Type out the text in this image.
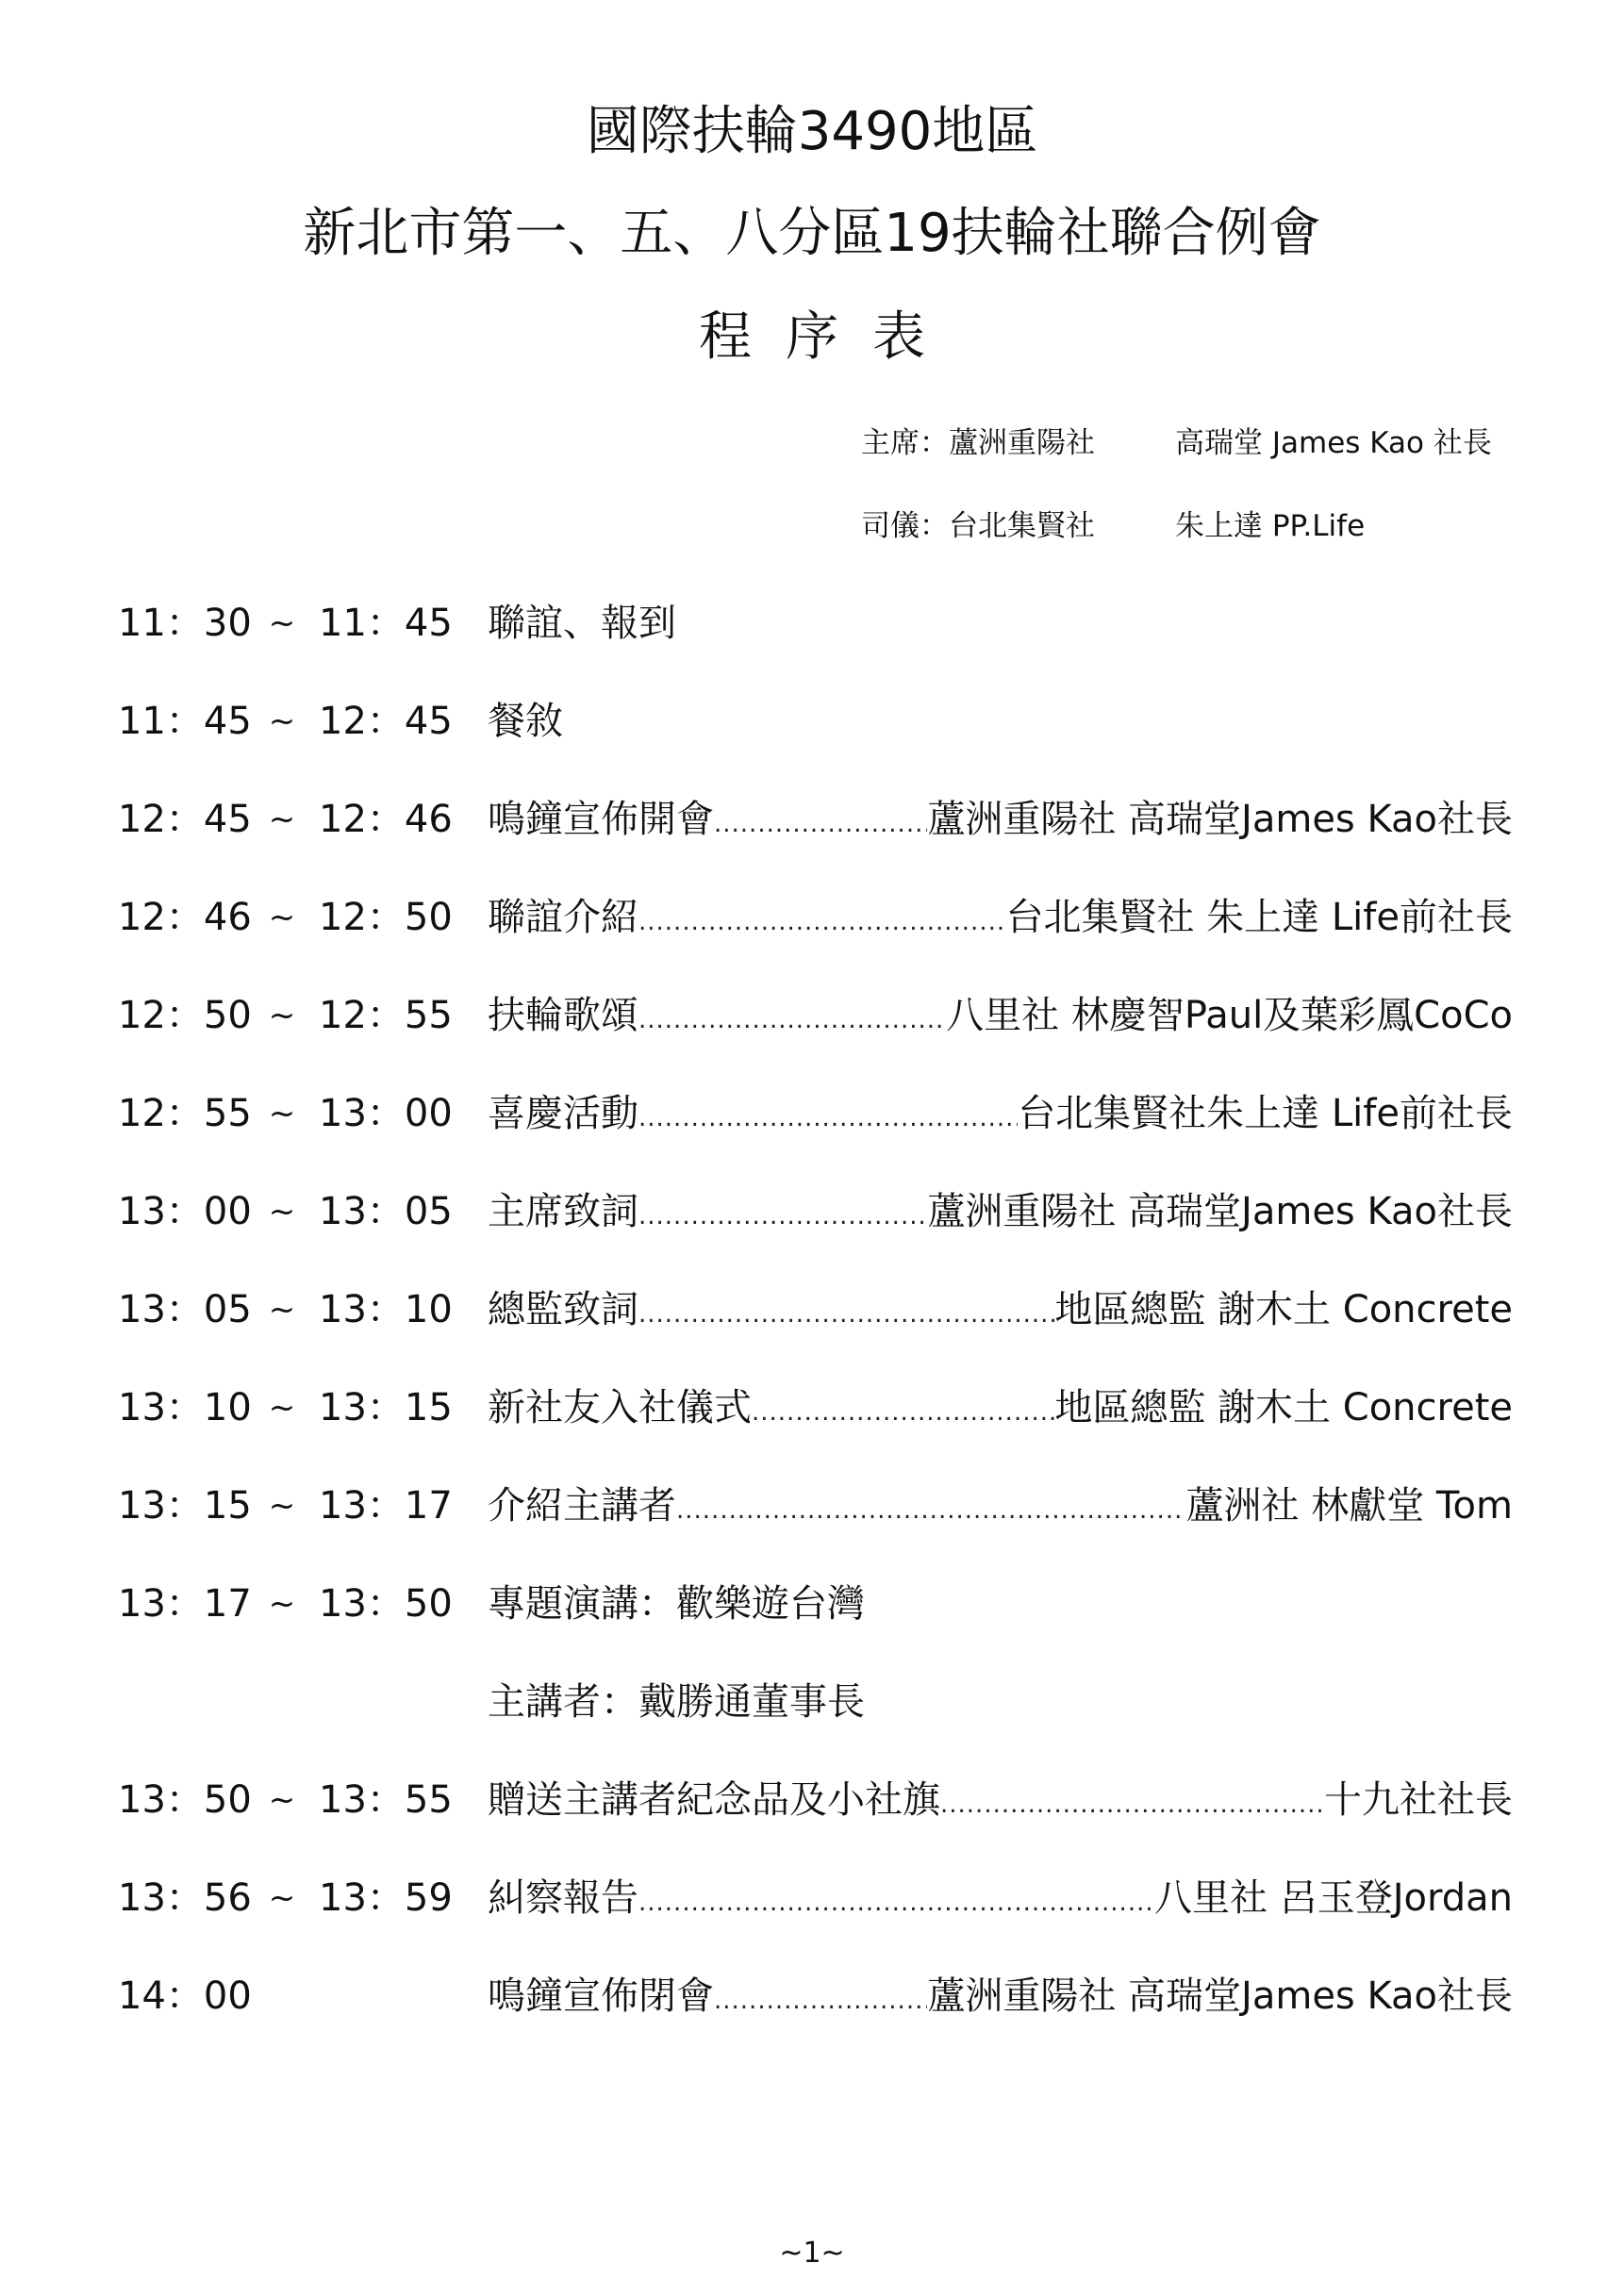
國際扶輪3490地區
新北市第一、五、八分區19扶輪社聯合例會
程序表
主席：蘆洲重陽社	高瑞堂 James Kao 社長
司儀：台北集賢社	朱上達 PP.Life
11：30 ~ 11：45 聯誼、報到
11：45 ~ 12：45 餐敘
12：45 ~ 12：46 鳴鐘宣佈開會 .....	蘆洲重陽社 高瑞堂James Kao社長
12：46 ~ 12：50 聯誼介紹 .....	台北集賢社 朱上達 Life前社長
12：50 ~ 12：55 扶輪歌頌 .....	八里社 林慶智Paul及葉彩鳳CoCo
12：55 ~ 13：00 喜慶活動 .....	台北集賢社朱上達 Life前社長
13：00 ~ 13：05 主席致詞 .....	蘆洲重陽社 高瑞堂James Kao社長
13：05 ~ 13：10 總監致詞 .....	地區總監 謝木土 Concrete
13：10 ~ 13：15 新社友入社儀式 .....	地區總監 謝木土 Concrete
13：15 ~ 13：17 介紹主講者 .....	蘆洲社 林獻堂 Tom
13：17 ~ 13：50 專題演講：歡樂遊台灣
主講者：戴勝通董事長
13：50 ~ 13：55 贈送主講者紀念品及小社旗 .....	十九社社長
13：56 ~ 13：59 糾察報告 .....	八里社 呂玉登Jordan
14：00	鳴鐘宣佈閉會 .....	蘆洲重陽社 高瑞堂James Kao社長
~1~
